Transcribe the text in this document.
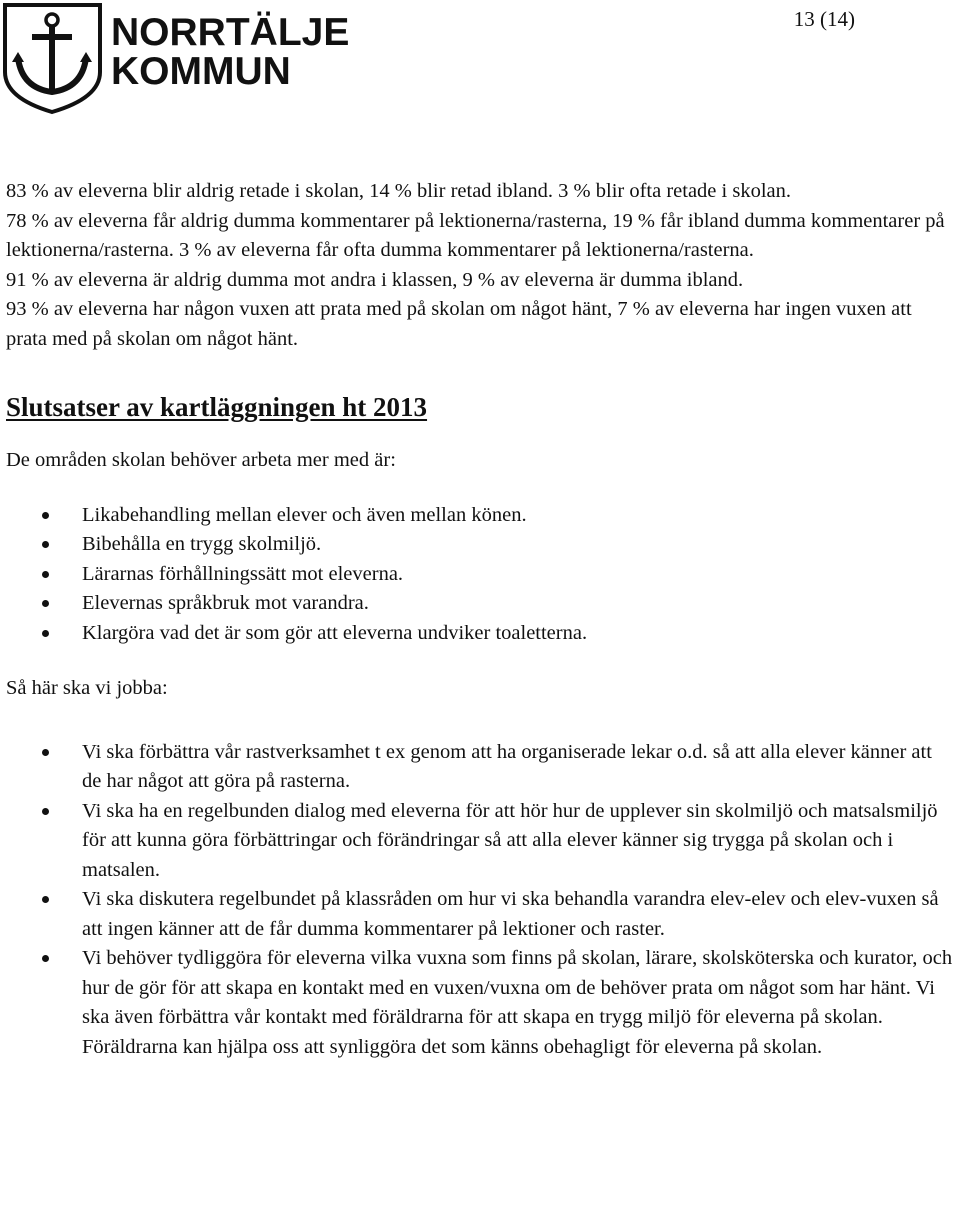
NORRTÄLJE
KOMMUN
13 (14)

83 % av eleverna blir aldrig retade i skolan, 14 % blir retad ibland. 3 % blir ofta retade i skolan.

78 % av eleverna får aldrig dumma kommentarer på lektionerna/rasterna, 19 % får ibland dumma kommentarer på lektionerna/rasterna. 3 % av eleverna får ofta dumma kommentarer på lektionerna/rasterna.

91 % av eleverna är aldrig dumma mot andra i klassen, 9 % av eleverna är dumma ibland.

93 % av eleverna har någon vuxen att prata med på skolan om något hänt, 7 % av eleverna har ingen vuxen att prata med på skolan om något hänt.

Slutsatser av kartläggningen ht 2013

De områden skolan behöver arbeta mer med är:

Likabehandling mellan elever och även mellan könen.
Bibehålla en trygg skolmiljö.
Lärarnas förhållningssätt mot eleverna.
Elevernas språkbruk mot varandra.
Klargöra vad det är som gör att eleverna undviker toaletterna.

Så här ska vi jobba:

Vi ska förbättra vår rastverksamhet t ex genom att ha organiserade lekar o.d. så att alla elever känner att de har något att göra på rasterna.
Vi ska ha en regelbunden dialog med eleverna för att hör hur de upplever sin skolmiljö och matsalsmiljö för att kunna göra förbättringar och förändringar så att alla elever känner sig trygga på skolan och i matsalen.
Vi ska diskutera regelbundet på klassråden om hur vi ska behandla varandra elev-elev och elev-vuxen så att ingen känner att de får dumma kommentarer på lektioner och raster.
Vi behöver tydliggöra för eleverna vilka vuxna som finns på skolan, lärare, skolsköterska och kurator, och hur de gör för att skapa en kontakt med en vuxen/vuxna om de behöver prata om något som har hänt. Vi ska även förbättra vår kontakt med föräldrarna för att skapa en trygg miljö för eleverna på skolan. Föräldrarna kan hjälpa oss att synliggöra det som känns obehagligt för eleverna på skolan.
